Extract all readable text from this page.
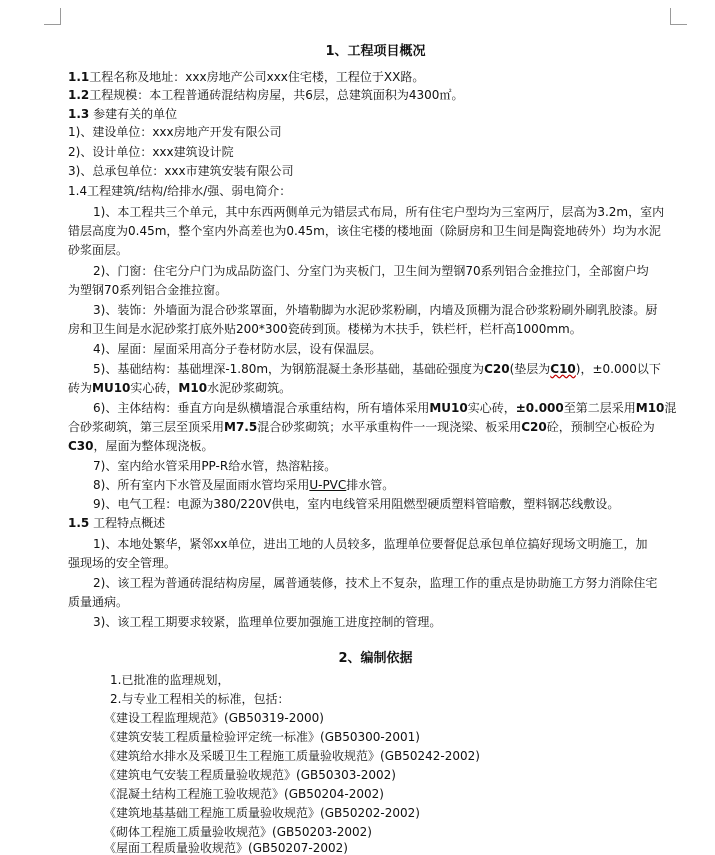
1、工程项目概况
1.1工程名称及地址：xxx房地产公司xxx住宅楼，工程位于XX路。
1.2工程规模：本工程普通砖混结构房屋，共6层，总建筑面积为4300㎡。
1.3 参建有关的单位
1)、建设单位：xxx房地产开发有限公司
2)、设计单位：xxx建筑设计院
3)、总承包单位：xxx市建筑安装有限公司
1.4工程建筑/结构/给排水/强、弱电简介：
1)、本工程共三个单元，其中东西两侧单元为错层式布局，所有住宅户型均为三室两厅，层高为3.2m，室内
错层高度为0.45m，整个室内外高差也为0.45m，该住宅楼的楼地面（除厨房和卫生间是陶瓷地砖外）均为水泥
砂浆面层。
2)、门窗：住宅分户门为成品防盗门、分室门为夹板门，卫生间为塑钢70系列铝合金推拉门，全部窗户均
为塑钢70系列铝合金推拉窗。
3)、装饰：外墙面为混合砂浆罩面，外墙勒脚为水泥砂浆粉刷，内墙及顶棚为混合砂浆粉刷外刷乳胶漆。厨
房和卫生间是水泥砂浆打底外贴200*300瓷砖到顶。楼梯为木扶手，铁栏杆，栏杆高1000mm。
4)、屋面：屋面采用高分子卷材防水层，设有保温层。
5)、基础结构：基础埋深-1.80m，为钢筋混凝土条形基础，基础砼强度为C20(垫层为C10)，±0.000以下
砖为MU10实心砖，M10水泥砂浆砌筑。
6)、主体结构：垂直方向是纵横墙混合承重结构，所有墙体采用MU10实心砖，±0.000至第二层采用M10混
合砂浆砌筑，第三层至顶采用M7.5混合砂浆砌筑；水平承重构件一一现浇梁、板采用C20砼，预制空心板砼为
C30，屋面为整体现浇板。
7)、室内给水管采用PP-R给水管，热溶粘接。
8)、所有室内下水管及屋面雨水管均采用U-PVC排水管。
9)、电气工程：电源为380/220V供电，室内电线管采用阻燃型硬质塑料管暗敷，塑料钢芯线敷设。
1.5 工程特点概述
1)、本地处繁华，紧邻xx单位，进出工地的人员较多，监理单位要督促总承包单位搞好现场文明施工，加
强现场的安全管理。
2)、该工程为普通砖混结构房屋，属普通装修，技术上不复杂，监理工作的重点是协助施工方努力消除住宅
质量通病。
3)、该工程工期要求较紧，监理单位要加强施工进度控制的管理。
2、编制依据
1.已批准的监理规划，
2.与专业工程相关的标准，包括：
《建设工程监理规范》(GB50319-2000)
《建筑安装工程质量检验评定统一标准》(GB50300-2001)
《建筑给水排水及采暖卫生工程施工质量验收规范》(GB50242-2002)
《建筑电气安装工程质量验收规范》(GB50303-2002)
《混凝土结构工程施工验收规范》(GB50204-2002)
《建筑地基基础工程施工质量验收规范》(GB50202-2002)
《砌体工程施工质量验收规范》(GB50203-2002)
《屋面工程质量验收规范》(GB50207-2002)
